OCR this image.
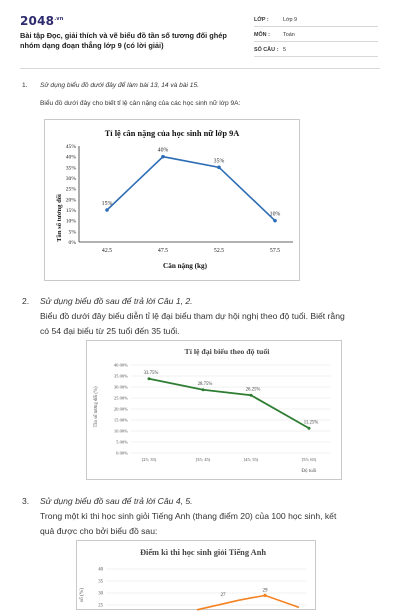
$2048^{.vn}$
Bài tập Đọc, giải thích và vẽ biểu đồ tần số tương đối ghép nhóm dạng đoạn thẳng lớp 9 (có lời giải)
LỚP :	Lớp 9
MÔN : Toán
SỐ CÂU : 5
1. Sử dụng biểu đồ dưới đây để làm bài 13, 14 và bài 15.
Biểu đồ dưới đây cho biết tỉ lệ cân nặng của các học sinh nữ lớp 9A:
Tỉ lệ cân nặng của học sinh nữ lớp 9A
Tần số tương đối
Cân nặng (kg)
0%
5%
10%
15%
20%
25%
30%
35%
40%
45%
42.5	47.5	52.5	57.5
15%
40%
35%
10%
2. Sử dụng biểu đồ sau để trả lời Câu 1, 2.
Biểu đồ dưới đây biểu diễn tỉ lệ đại biểu tham dự hội nghị theo độ tuổi. Biết rằng
có 54 đại biểu từ 25 tuổi đến 35 tuổi.
Tỉ lệ đại biểu theo độ tuổi
Tần số tương đối (%)
Độ tuổi
0.00%
5.00%
10.00%
15.00%
20.00%
25.00%
30.00%
35.00%
40.00%
[25; 35)	[35; 45)	[45; 55)	[55; 65)
33.75%
28.75%
26.25%
11.25%
3. Sử dụng biểu đồ sau để trả lời Câu 4, 5.
Trong một kì thi học sinh giỏi Tiếng Anh (thang điểm 20) của 100 học sinh, kết
quả được cho bởi biểu đồ sau:
Điểm kì thi học sinh giỏi Tiếng Anh
số (%)
40
35
30
25
27
29
